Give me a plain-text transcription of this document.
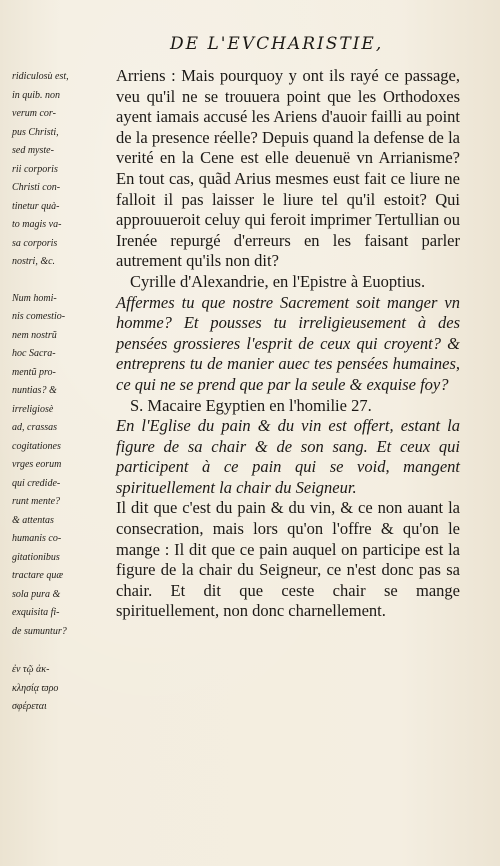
DE L'EVCHARISTIE,
ridiculosù est,
in quib. non
verum cor-
pus Christi,
sed myste-
rii corporis
Christi con-
tinetur quà-
to magis va-
sa corporis
nostri, &c.
Num homi-
nis comestio-
nem nostrũ
hoc Sacra-
mentũ pro-
nuntias? &
irreligiosè
ad, crassas
cogitationes
vrges eorum
qui credide-
runt mente?
& attentas
humanis co-
gitationibus
tractare quæ
sola pura &
exquisita fi-
de sumuntur?
ἐν τῷ ἀκ-
κλησίᾳ ϖρο
σφέρεται

Arriens : Mais pourquoy y ont ils rayé ce passage, veu qu'il ne se trouuera point que les Orthodoxes ayent iamais accusé les Ariens d'auoir failli au point de la presence réelle? Depuis quand la defense de la verité en la Cene est elle deuenuë vn Arrianisme? En tout cas, quãd Arius mesmes eust fait ce liure ne falloit il pas laisser le liure tel qu'il estoit? Qui approuueroit celuy qui feroit imprimer Tertullian ou Irenée repurgé d'erreurs en les faisant parler autrement qu'ils non dit?

Cyrille d'Alexandrie, en l'Epistre à Euoptius.

Affermes tu que nostre Sacrement soit manger vn homme? Et pousses tu irreligieusement à des pensées grossieres l'esprit de ceux qui croyent? & entreprens tu de manier auec tes pensées humaines, ce qui ne se prend que par la seule & exquise foy?

S. Macaire Egyptien en l'homilie 27.

En l'Eglise du pain & du vin est offert, estant la figure de sa chair & de son sang. Et ceux qui participent à ce pain qui se void, mangent spirituellement la chair du Seigneur.

Il dit que c'est du pain & du vin, & ce non auant la consecration, mais lors qu'on l'offre & qu'on le mange : Il dit que ce pain auquel on participe est la figure de la chair du Seigneur, ce n'est donc pas sa chair. Et dit que ceste chair se mange spirituellement, non donc charnellement.
